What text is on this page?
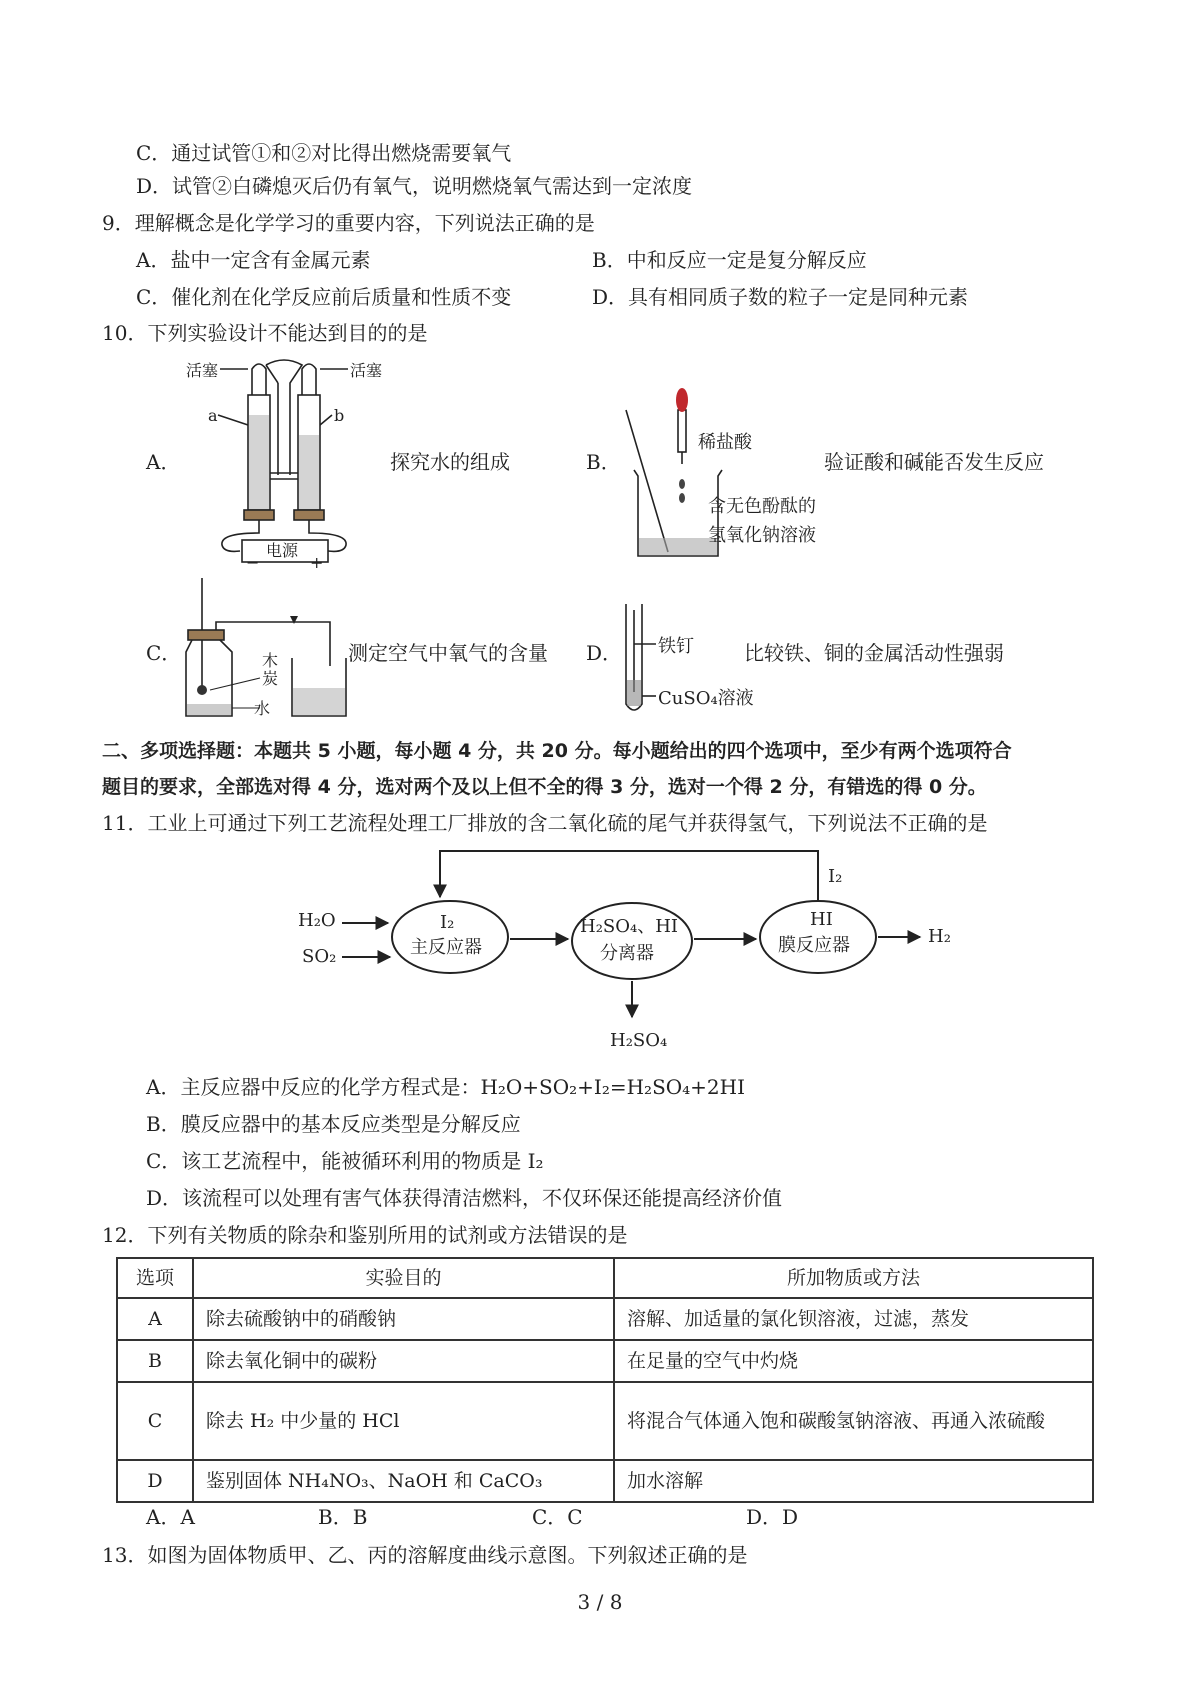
C．通过试管①和②对比得出燃烧需要氧气
D．试管②白磷熄灭后仍有氧气，说明燃烧氧气需达到一定浓度
9．理解概念是化学学习的重要内容，下列说法正确的是
A．盐中一定含有金属元素	B．中和反应一定是复分解反应
C．催化剂在化学反应前后质量和性质不变	D．具有相同质子数的粒子一定是同种元素
10．下列实验设计不能达到目的的是
A．
活塞	活塞
a	b
电源
−	+
探究水的组成	B．
稀盐酸
含无色酚酞的
氢氧化钠溶液
验证酸和碱能否发生反应
C．	木
炭
水
测定空气中氧气的含量 D． 铁钉
CuSO₄溶液
比较铁、铜的金属活动性强弱
二、多项选择题：本题共 5 小题，每小题 4 分，共 20 分。每小题给出的四个选项中，至少有两个选项符合
题目的要求，全部选对得 4 分，选对两个及以上但不全的得 3 分，选对一个得 2 分，有错选的得 0 分。
11．工业上可通过下列工艺流程处理工厂排放的含二氧化硫的尾气并获得氢气，下列说法不正确的是
H₂O
SO₂
I₂
主反应器
H₂SO₄、HI
分离器
HI
膜反应器
I₂
H₂
H₂SO₄
A．主反应器中反应的化学方程式是：H₂O+SO₂+I₂=H₂SO₄+2HI
B．膜反应器中的基本反应类型是分解反应
C．该工艺流程中，能被循环利用的物质是 I₂
D．该流程可以处理有害气体获得清洁燃料，不仅环保还能提高经济价值
12．下列有关物质的除杂和鉴别所用的试剂或方法错误的是
选项	实验目的	所加物质或方法
A	除去硫酸钠中的硝酸钠	溶解、加适量的氯化钡溶液，过滤，蒸发
B	除去氧化铜中的碳粉	在足量的空气中灼烧
C	除去 H₂ 中少量的 HCl	将混合气体通入饱和碳酸氢钠溶液、再通入浓硫酸
D	鉴别固体 NH₄NO₃、NaOH 和 CaCO₃	加水溶解
A．A	B．B	C．C	D．D
13．如图为固体物质甲、乙、丙的溶解度曲线示意图。下列叙述正确的是
3 / 8
